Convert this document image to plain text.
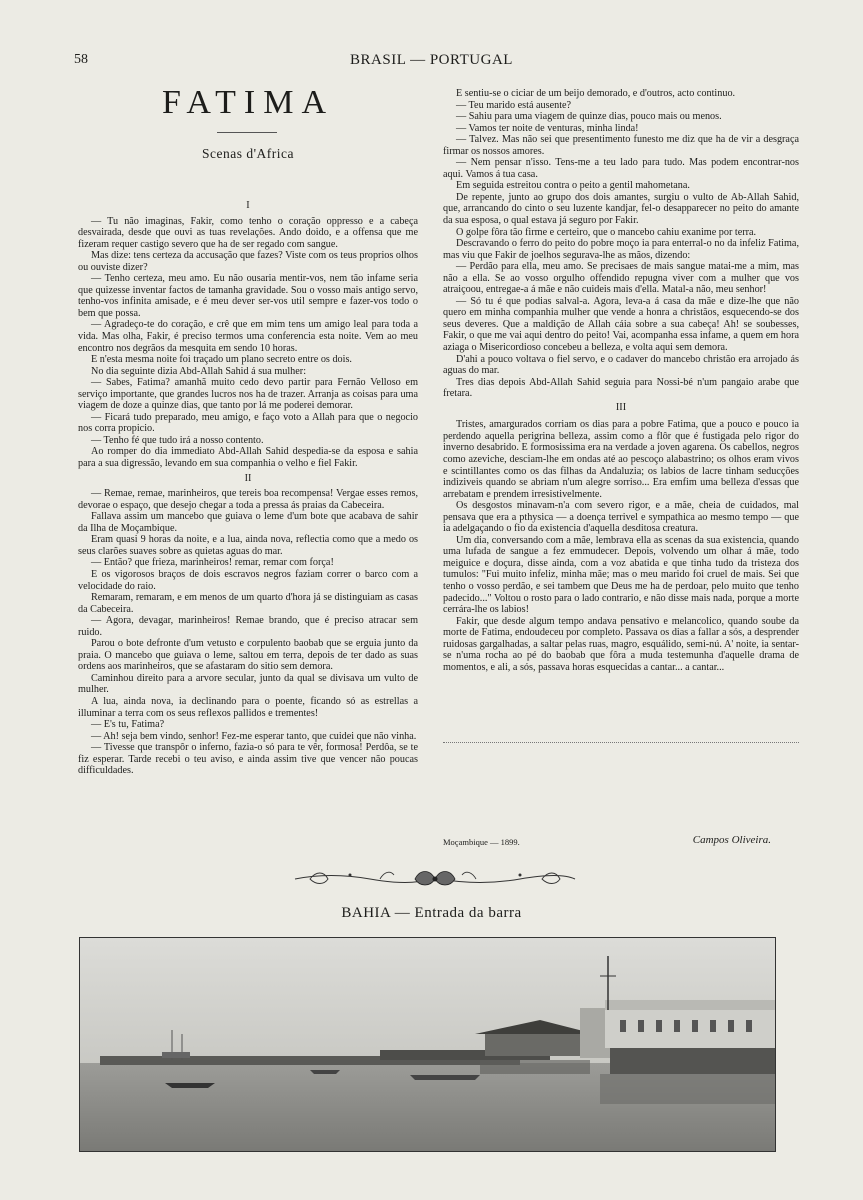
58	BRASIL — PORTUGAL
FATIMA
Scenas d'Africa

I

— Tu não imaginas, Fakir, como tenho o coração oppresso e a cabeça desvairada, desde que ouvi as tuas revelações. Ando doido, e a offensa que me fizeram requer castigo severo que ha de ser regado com sangue.

Mas dize: tens certeza da accusação que fazes? Viste com os teus proprios olhos ou ouviste dizer?

— Tenho certeza, meu amo. Eu não ousaria mentir-vos, nem tão infame seria que quizesse inventar factos de tamanha gravidade. Sou o vosso mais antigo servo, tenho-vos infinita amisade, e é meu dever ser-vos util sempre e fazer-vos todo o bem que possa.

— Agradeço-te do coração, e crê que em mim tens um amigo leal para toda a vida. Mas olha, Fakir, é preciso termos uma conferencia esta noite. Vem ao meu encontro nos degrãos da mesquita em sendo 10 horas.

E n'esta mesma noite foi traçado um plano secreto entre os dois.

No dia seguinte dizia Abd-Allah Sahid á sua mulher:

— Sabes, Fatima? amanhã muito cedo devo partir para Fernão Velloso em serviço importante, que grandes lucros nos ha de trazer. Arranja as coisas para uma viagem de doze a quinze dias, que tanto por lá me poderei demorar.

— Ficará tudo preparado, meu amigo, e faço voto a Allah para que o negocio nos corra propicio.

— Tenho fé que tudo irá a nosso contento.

Ao romper do dia immediato Abd-Allah Sahid despedia-se da esposa e sahia para a sua digressão, levando em sua companhia o velho e fiel Fakir.

II

— Remae, remae, marinheiros, que tereis boa recompensa! Vergae esses remos, devorae o espaço, que desejo chegar a toda a pressa ás praias da Cabeceira.

Fallava assim um mancebo que guiava o leme d'um bote que acabava de sahir da Ilha de Moçambique.

Eram quasi 9 horas da noite, e a lua, ainda nova, reflectia como que a medo os seus clarões suaves sobre as quietas aguas do mar.

— Então? que frieza, marinheiros! remar, remar com força!

E os vigorosos braços de dois escravos negros faziam correr o barco com a velocidade do raio.

Remaram, remaram, e em menos de um quarto d'hora já se distinguiam as casas da Cabeceira.

— Agora, devagar, marinheiros! Remae brando, que é preciso atracar sem ruido.

Parou o bote defronte d'um vetusto e corpulento baobab que se erguia junto da praia. O mancebo que guiava o leme, saltou em terra, depois de ter dado as suas ordens aos marinheiros, que se afastaram do sitio sem demora.

Caminhou direito para a arvore secular, junto da qual se divisava um vulto de mulher.

A lua, ainda nova, ia declinando para o poente, ficando só as estrellas a illuminar a terra com os seus reflexos pallidos e trementes!

— E's tu, Fatima?

— Ah! seja bem vindo, senhor! Fez-me esperar tanto, que cuidei que não vinha.

— Tivesse que transpôr o inferno, fazia-o só para te vêr, formosa! Perdôa, se te fiz esperar. Tarde recebi o teu aviso, e ainda assim tive que vencer não poucas difficuldades.

E sentiu-se o ciciar de um beijo demorado, e d'outros, acto continuo.

— Teu marido está ausente?

— Sahiu para uma viagem de quinze dias, pouco mais ou menos.

— Vamos ter noite de venturas, minha linda!

— Talvez. Mas não sei que presentimento funesto me diz que ha de vir a desgraça firmar os nossos amores.

— Nem pensar n'isso. Tens-me a teu lado para tudo. Mas podem encontrar-nos aqui. Vamos á tua casa.

Em seguida estreitou contra o peito a gentil mahometana.

De repente, junto ao grupo dos dois amantes, surgiu o vulto de Ab-Allah Sahid, que, arrancando do cinto o seu luzente kandjar, fel-o desapparecer no peito do amante da sua esposa, o qual estava já seguro por Fakir.

O golpe fôra tão firme e certeiro, que o mancebo cahiu exanime por terra.

Descravando o ferro do peito do pobre moço ia para enterral-o no da infeliz Fatima, mas viu que Fakir de joelhos segurava-lhe as mãos, dizendo:

— Perdão para ella, meu amo. Se precisaes de mais sangue matai-me a mim, mas não a ella. Se ao vosso orgulho offendido repugna viver com a mulher que vos atraiçoou, entregae-a á mãe e não cuideis mais d'ella. Matal-a não, meu senhor!

— Só tu é que podias salval-a. Agora, leva-a á casa da mãe e dize-lhe que não quero em minha companhia mulher que vende a honra a christãos, esquecendo-se dos seus deveres. Que a maldição de Allah cáia sobre a sua cabeça! Ah! se soubesses, Fakir, o que me vai aqui dentro do peito! Vai, acompanha essa infame, a quem em hora aziaga o Misericordioso concebeu a belleza, e volta aqui sem demora.

D'ahi a pouco voltava o fiel servo, e o cadaver do mancebo christão era arrojado ás aguas do mar.

Tres dias depois Abd-Allah Sahid seguia para Nossi-bé n'um pangaio arabe que fretara.

III

Tristes, amargurados corriam os dias para a pobre Fatima, que a pouco e pouco ia perdendo aquella perigrina belleza, assim como a flôr que é fustigada pelo rigor do inverno desabrido. E formosissima era na verdade a joven agarena. Os cabellos, negros como azeviche, desciam-lhe em ondas até ao pescoço alabastrino; os olhos eram vivos e scintillantes como os das filhas da Andaluzia; os labios de lacre tinham seducções indiziveis quando se abriam n'um alegre sorriso... Era emfim uma belleza d'essas que arrebatam e prendem irresistivelmente.

Os desgostos minavam-n'a com severo rigor, e a mãe, cheia de cuidados, mal pensava que era a pthysica — a doença terrivel e sympathica ao mesmo tempo — que ia adelgaçando o fio da existencia d'aquella desditosa creatura.

Um dia, conversando com a mãe, lembrava ella as scenas da sua existencia, quando uma lufada de sangue a fez emmudecer. Depois, volvendo um olhar á mãe, todo meiguice e doçura, disse ainda, com a voz abatida e que tinha tudo da tristeza dos tumulos: "Fui muito infeliz, minha mãe; mas o meu marido foi cruel de mais. Sei que tenho o vosso perdão, e sei tambem que Deus me ha de perdoar, pelo muito que tenho padecido..." Voltou o rosto para o lado contrario, e não disse mais nada, porque a morte cerrára-lhe os labios!

Fakir, que desde algum tempo andava pensativo e melancolico, quando soube da morte de Fatima, endoudeceu por completo. Passava os dias a fallar a sós, a desprender ruidosas gargalhadas, a saltar pelas ruas, magro, esquálido, semi-nú. A' noite, ia sentar-se n'uma rocha ao pé do baobab que fôra a muda testemunha d'aquelle drama de momentos, e ali, a sós, passava horas esquecidas a cantar... a cantar...

Moçambique — 1899.	Campos Oliveira.
BAHIA — Entrada da barra
